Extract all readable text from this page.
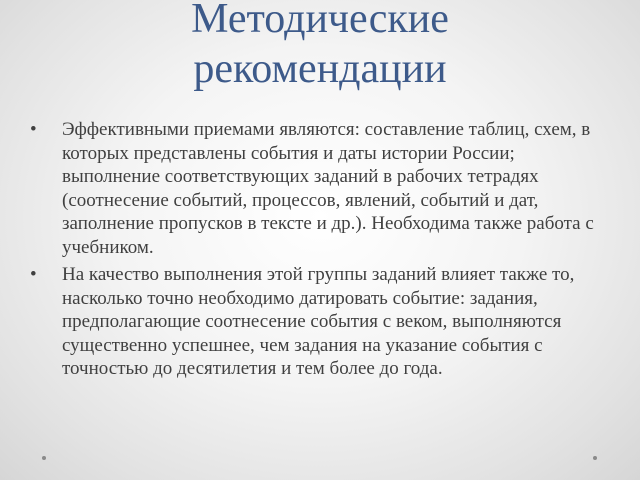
Методические рекомендации
•	Эффективными приемами являются: составление таблиц, схем, в которых представлены события и даты истории России; выполнение соответствующих заданий в рабочих тетрадях (соотнесение событий, процессов, явлений, событий и дат, заполнение пропусков в тексте и др.). Необходима также работа с учебником.
•	На качество выполнения этой группы заданий влияет также то, насколько точно необходимо датировать событие: задания, предполагающие соотнесение события с веком, выполняются существенно успешнее, чем задания на указание события с точностью до десятилетия и тем более до года.
